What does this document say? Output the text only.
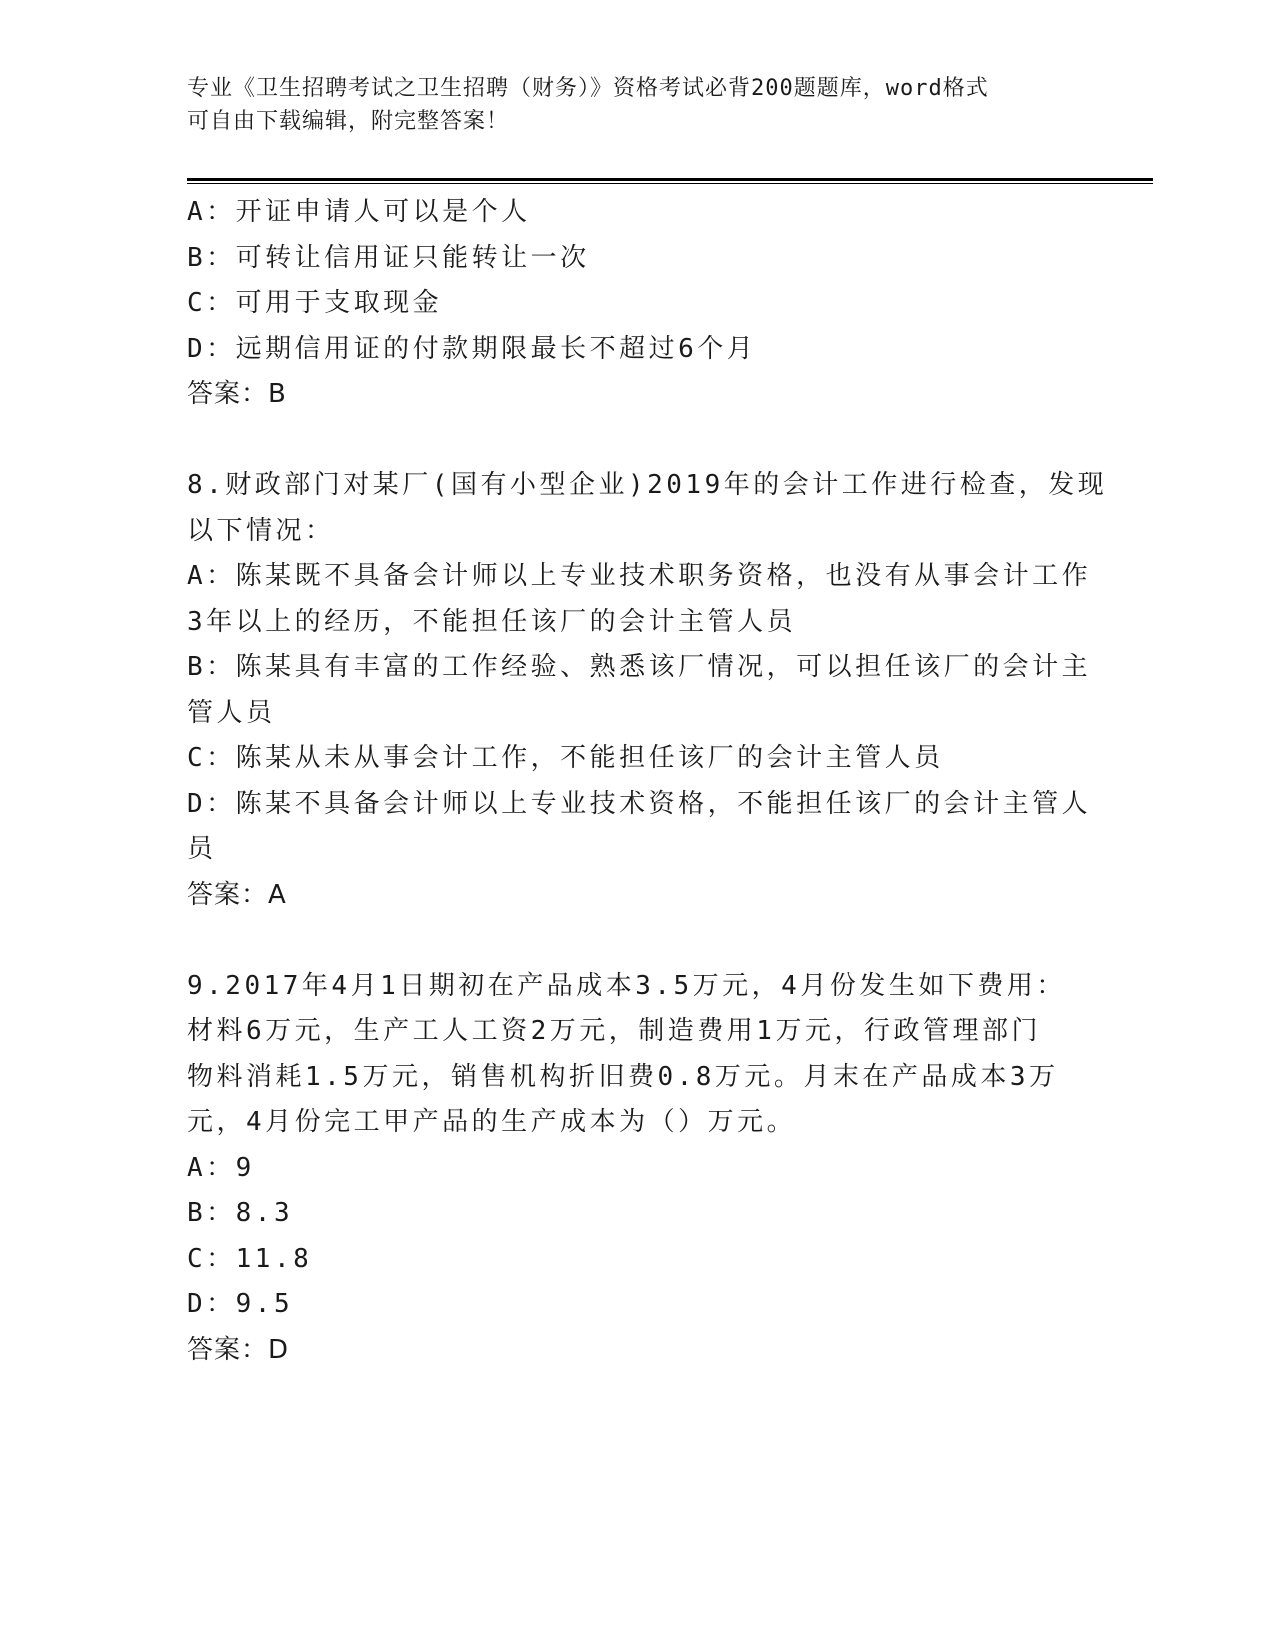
专业《卫生招聘考试之卫生招聘（财务）》资格考试必背200题题库，word格式
可自由下载编辑，附完整答案！
A：开证申请人可以是个人
B：可转让信用证只能转让一次
C：可用于支取现金
D：远期信用证的付款期限最长不超过6个月
答案：B
8.财政部门对某厂(国有小型企业)2019年的会计工作进行检查，发现
以下情况：
A：陈某既不具备会计师以上专业技术职务资格，也没有从事会计工作
3年以上的经历，不能担任该厂的会计主管人员
B：陈某具有丰富的工作经验、熟悉该厂情况，可以担任该厂的会计主
管人员
C：陈某从未从事会计工作，不能担任该厂的会计主管人员
D：陈某不具备会计师以上专业技术资格，不能担任该厂的会计主管人
员
答案：A
9.2017年4月1日期初在产品成本3.5万元，4月份发生如下费用：
材料6万元，生产工人工资2万元，制造费用1万元，行政管理部门
物料消耗1.5万元，销售机构折旧费0.8万元。月末在产品成本3万
元，4月份完工甲产品的生产成本为（）万元。
A：9
B：8.3
C：11.8
D：9.5
答案：D
